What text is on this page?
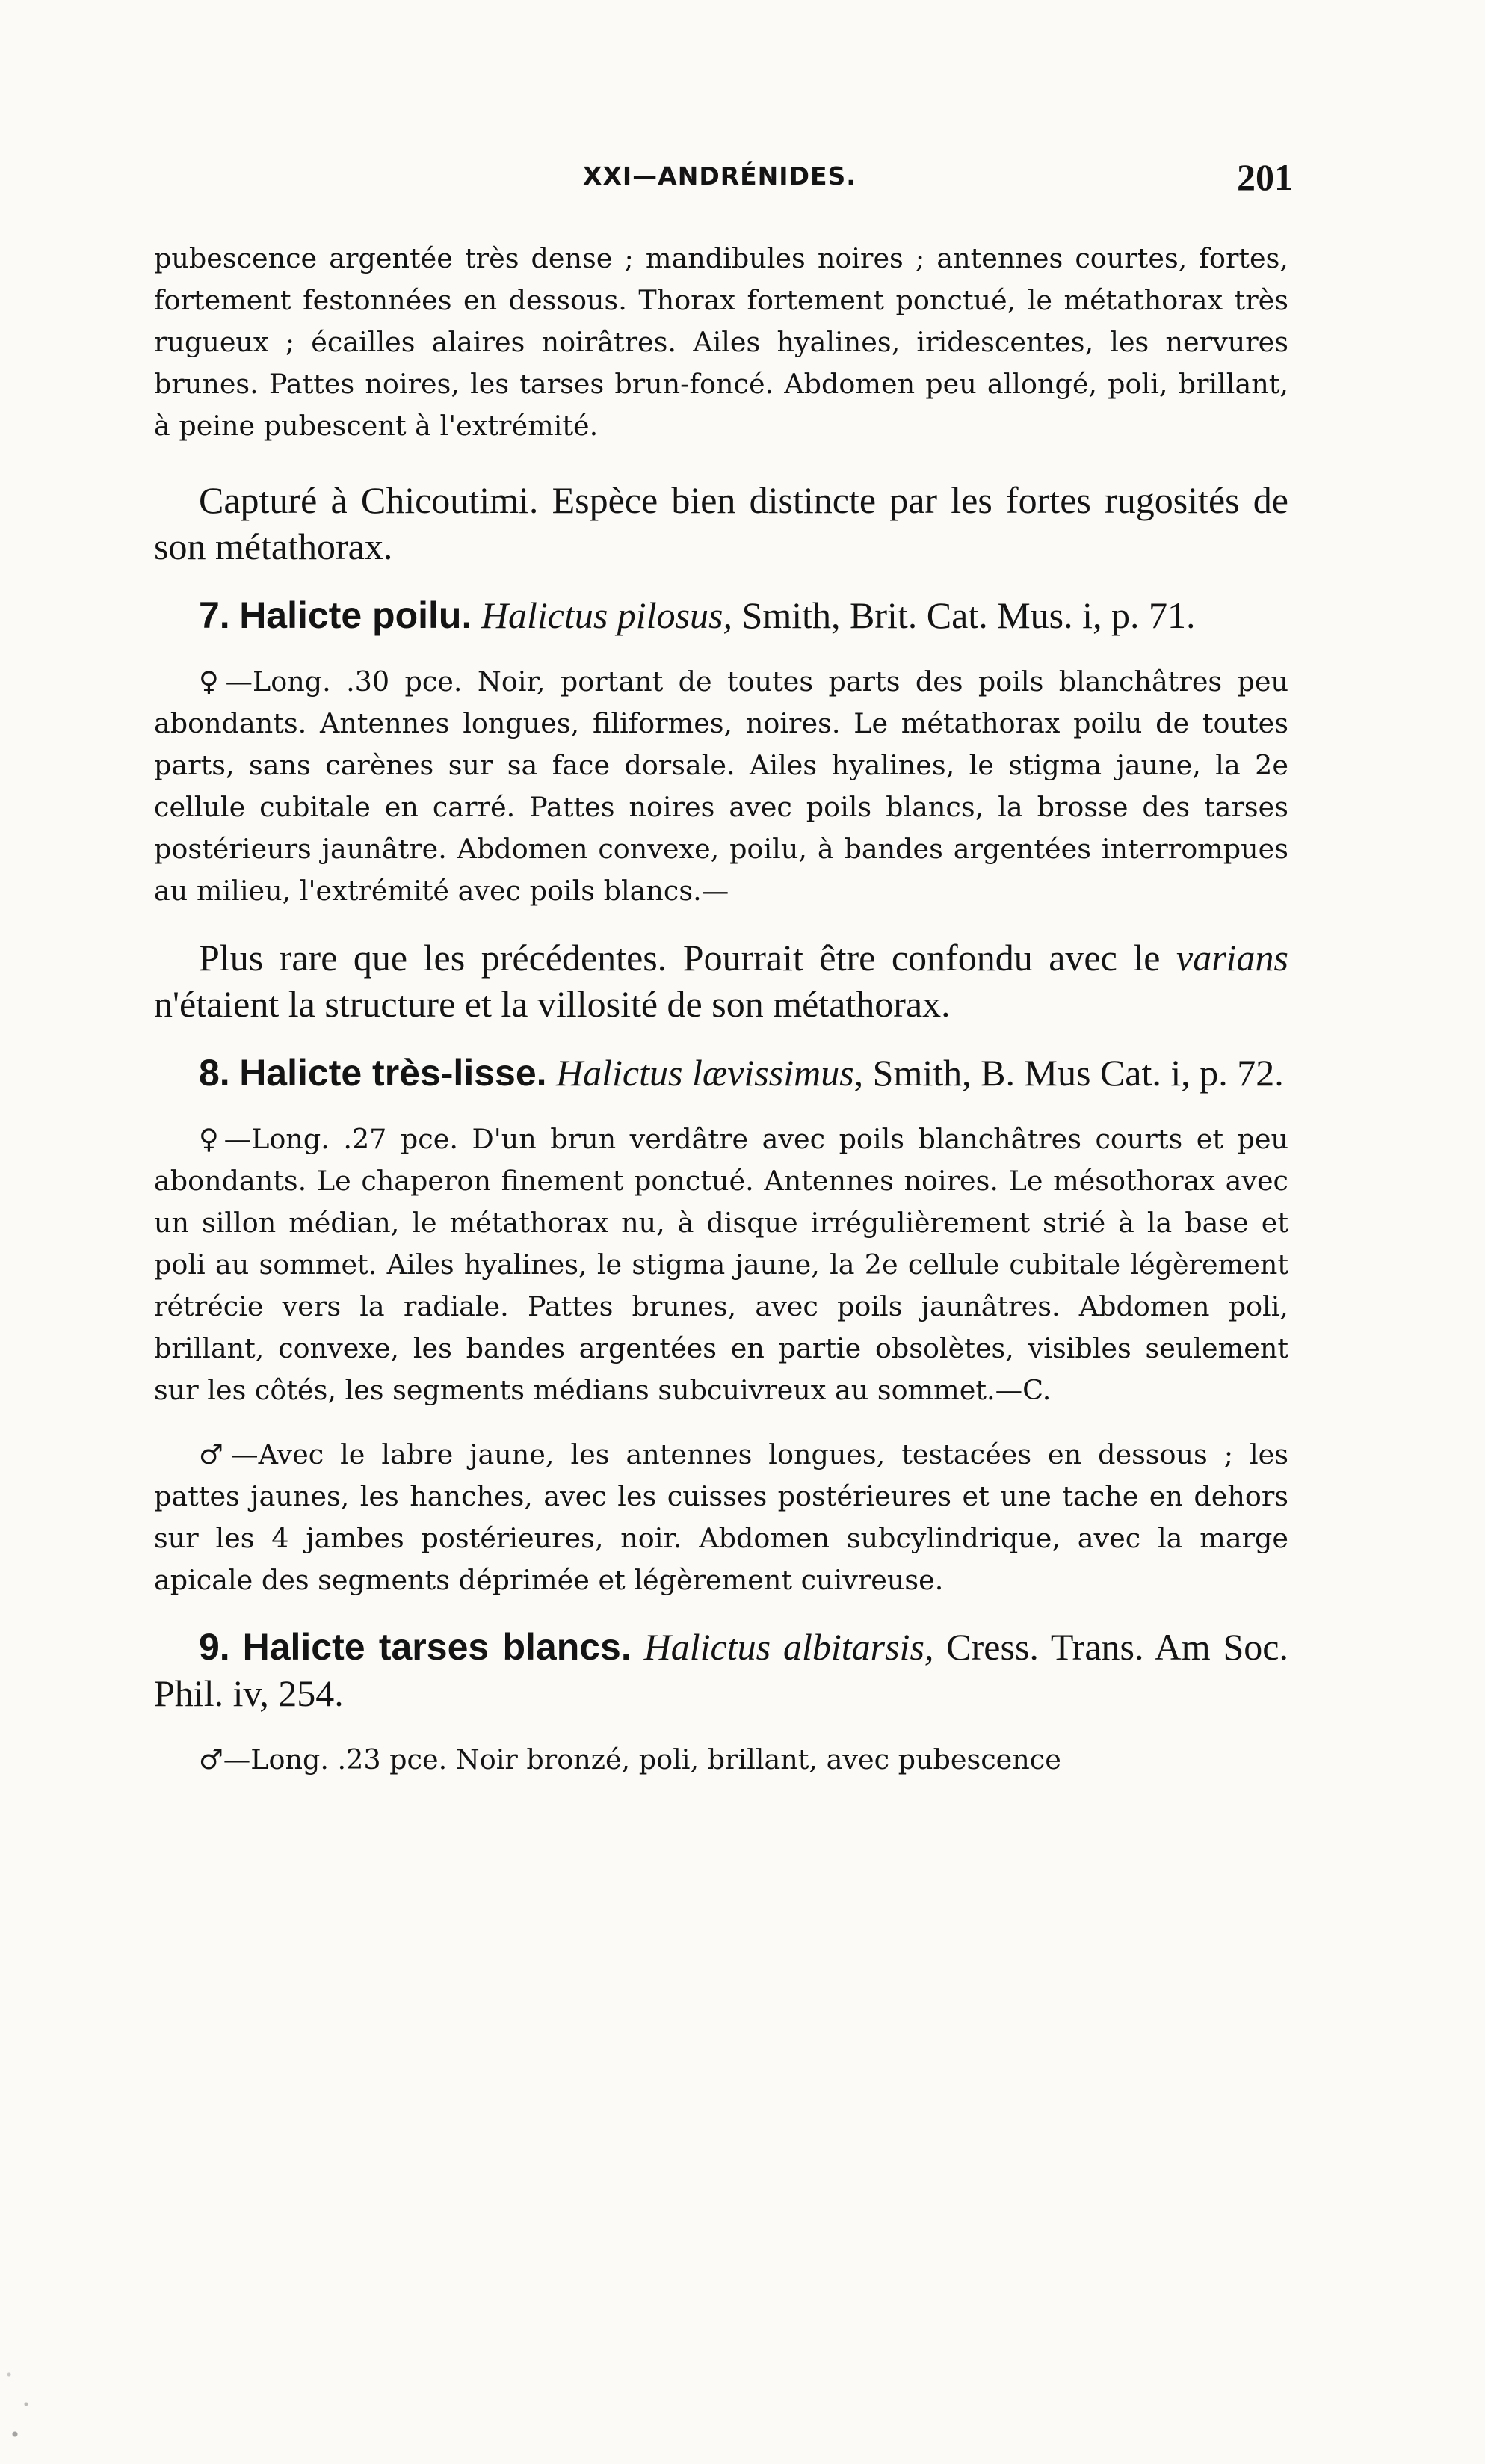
XXI—ANDRÉNIDES.	201

pubescence argentée très dense ; mandibules noires ; antennes courtes, fortes, fortement festonnées en dessous. Thorax fortement ponctué, le métathorax très rugueux ; écailles alaires noirâtres. Ailes hyalines, iridescentes, les nervures brunes. Pattes noires, les tarses brun-foncé. Abdomen peu allongé, poli, brillant, à peine pubescent à l'extrémité.

Capturé à Chicoutimi. Espèce bien distincte par les fortes rugosités de son métathorax.

7. Halicte poilu. Halictus pilosus, Smith, Brit. Cat. Mus. i, p. 71.

♀—Long. .30 pce. Noir, portant de toutes parts des poils blanchâtres peu abondants. Antennes longues, filiformes, noires. Le métathorax poilu de toutes parts, sans carènes sur sa face dorsale. Ailes hyalines, le stigma jaune, la 2e cellule cubitale en carré. Pattes noires avec poils blancs, la brosse des tarses postérieurs jaunâtre. Abdomen convexe, poilu, à bandes argentées interrompues au milieu, l'extrémité avec poils blancs.—

Plus rare que les précédentes. Pourrait être confondu avec le varians n'étaient la structure et la villosité de son métathorax.

8. Halicte très-lisse. Halictus lævissimus, Smith, B. Mus Cat. i, p. 72.

♀—Long. .27 pce. D'un brun verdâtre avec poils blanchâtres courts et peu abondants. Le chaperon finement ponctué. Antennes noires. Le mésothorax avec un sillon médian, le métathorax nu, à disque irrégulièrement strié à la base et poli au sommet. Ailes hyalines, le stigma jaune, la 2e cellule cubitale légèrement rétrécie vers la radiale. Pattes brunes, avec poils jaunâtres. Abdomen poli, brillant, convexe, les bandes argentées en partie obsolètes, visibles seulement sur les côtés, les segments médians subcuivreux au sommet.—C.

♂—Avec le labre jaune, les antennes longues, testacées en dessous ; les pattes jaunes, les hanches, avec les cuisses postérieures et une tache en dehors sur les 4 jambes postérieures, noir. Abdomen subcylindrique, avec la marge apicale des segments déprimée et légèrement cuivreuse.

9. Halicte tarses blancs. Halictus albitarsis, Cress. Trans. Am Soc. Phil. iv, 254.

♂—Long. .23 pce. Noir bronzé, poli, brillant, avec pubescence
